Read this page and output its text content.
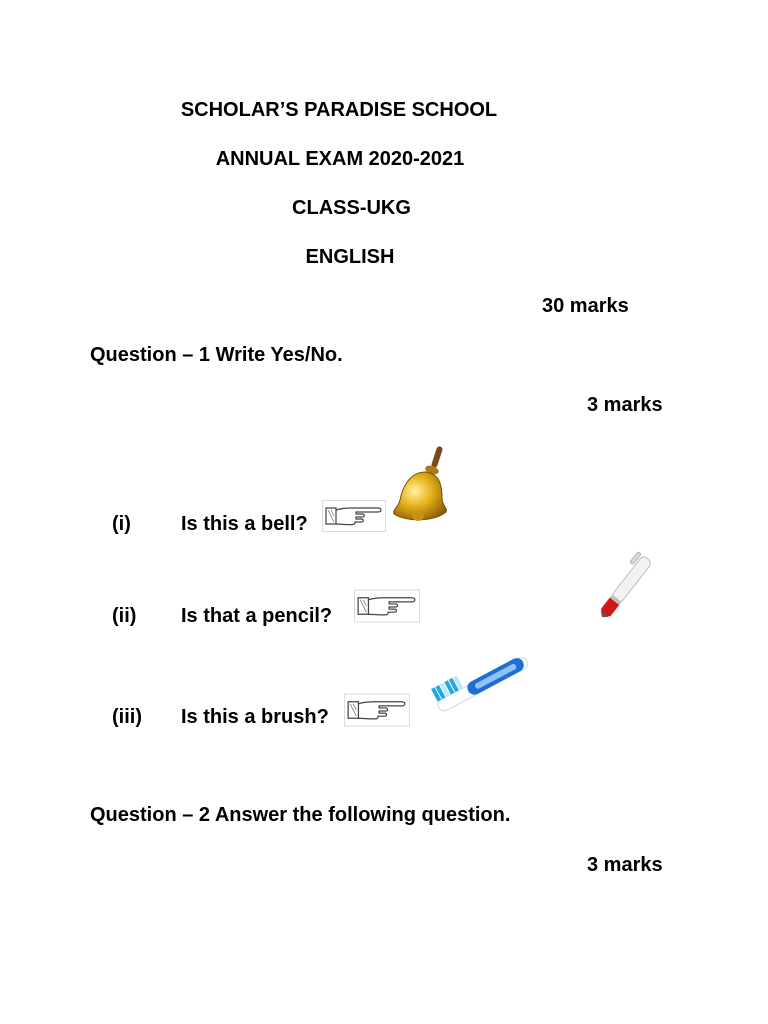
SCHOLAR’S PARADISE SCHOOL
ANNUAL EXAM 2020-2021
CLASS-UKG
ENGLISH
30 marks
Question – 1 Write Yes/No.
3 marks
(i)	Is this a bell?
(ii) Is that a pencil?
(iii) Is this a brush?
Question – 2 Answer the following question.
3 marks
